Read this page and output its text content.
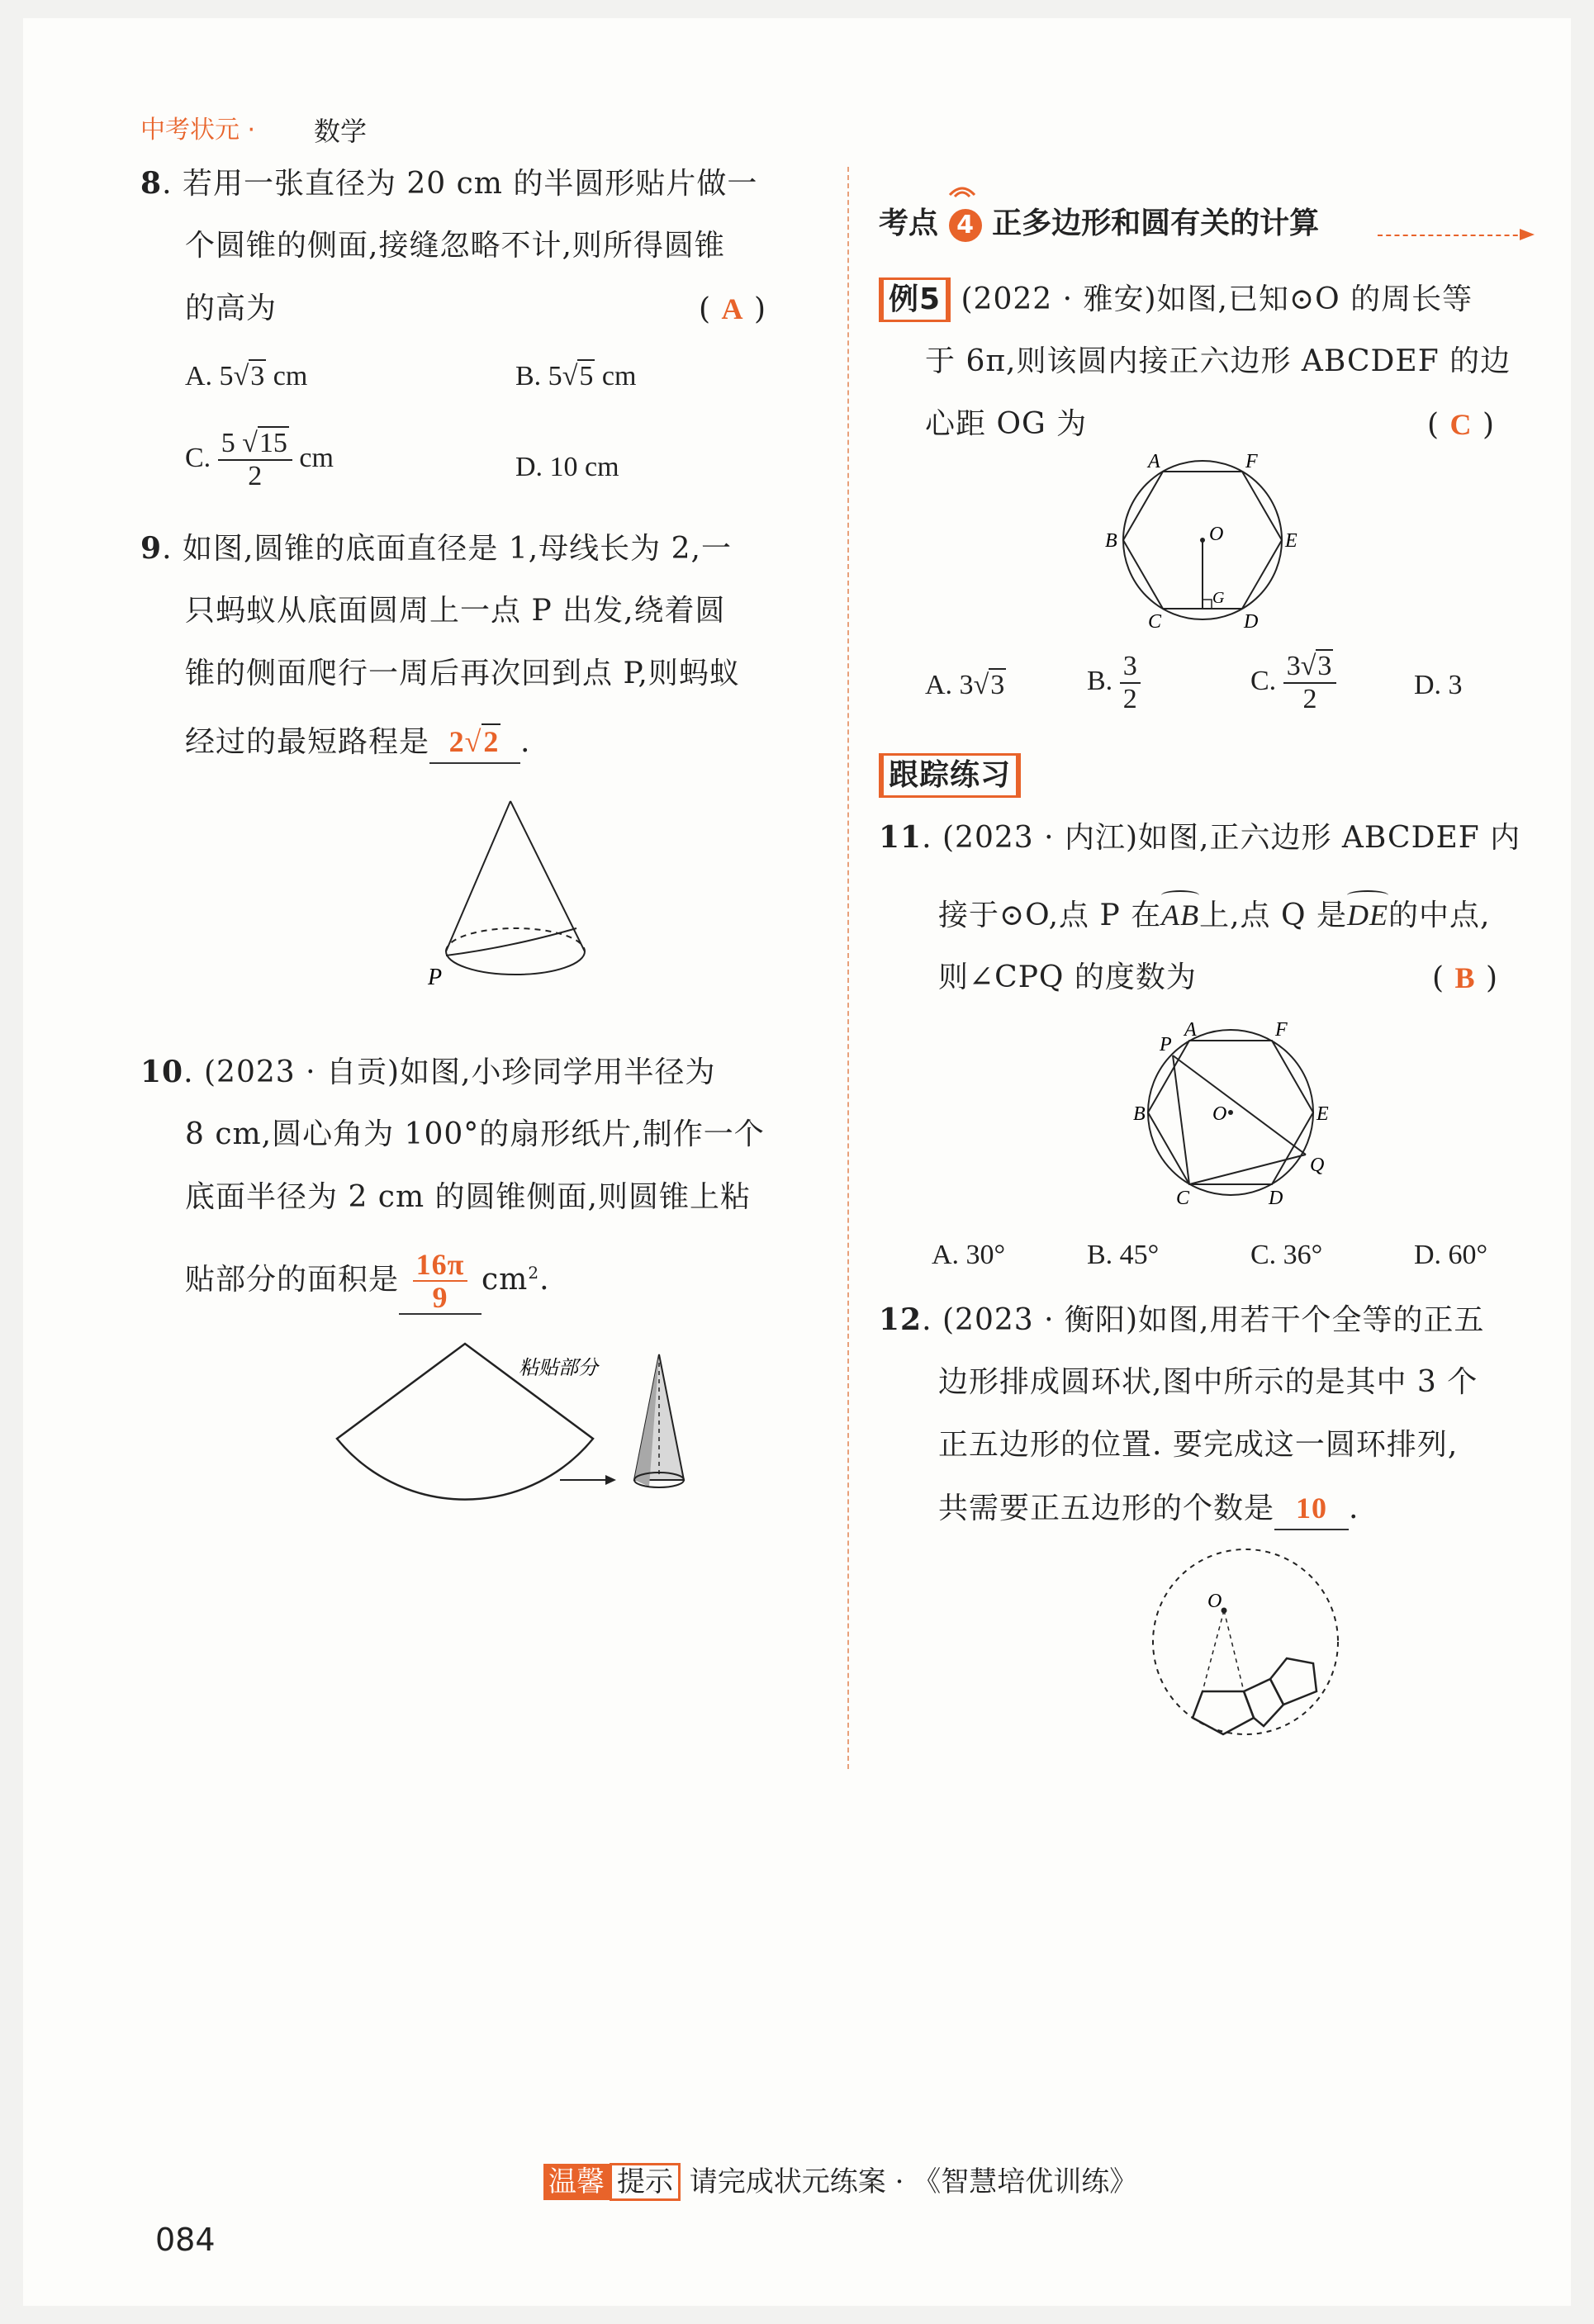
中考状元 · 数学
8. 若用一张直径为 20 cm 的半圆形贴片做一
个圆锥的侧面,接缝忽略不计,则所得圆锥
的高为	( A )
A. 5√3 cm	B. 5√5 cm
C. $\frac{5 √15}{2}$ cm	D. 10 cm
9. 如图,圆锥的底面直径是 1,母线长为 2,一
只蚂蚁从底面圆周上一点 P 出发,绕着圆
锥的侧面爬行一周后再次回到点 P,则蚂蚁
经过的最短路程是 2√2 .
P
10. (2023 · 自贡)如图,小珍同学用半径为
8 cm,圆心角为 100°的扇形纸片,制作一个
底面半径为 2 cm 的圆锥侧面,则圆锥上粘
贴部分的面积是 $\frac{16\pi}{9} cm^2$.
粘贴部分
考点 4 正多边形和圆有关的计算
例5 (2022 · 雅安)如图,已知⊙O 的周长等
于 6π,则该圆内接正六边形 ABCDEF 的边
心距 OG 为	( C )
A	F
B	E
C	D
O
G
A. 3√3	B. $\frac{3}{2}$	C. $\frac{3√3}{2}$	D. 3
跟踪练习
11. (2023 · 内江)如图,正六边形 ABCDEF 内
接于⊙O,点 P 在
AB上,点 Q 是
DE的中点,
则∠CPQ 的度数为	( B )
P
A	F
B	O	E
Q
C	D
A. 30°	B. 45°	C. 36°	D. 60°
12. (2023 · 衡阳)如图,用若干个全等的正五
边形排成圆环状,图中所示的是其中 3 个
正五边形的位置. 要完成这一圆环排列,
共需要正五边形的个数是 10 .
O
温馨 提示 请完成状元练案 · 《智慧培优训练》
084
